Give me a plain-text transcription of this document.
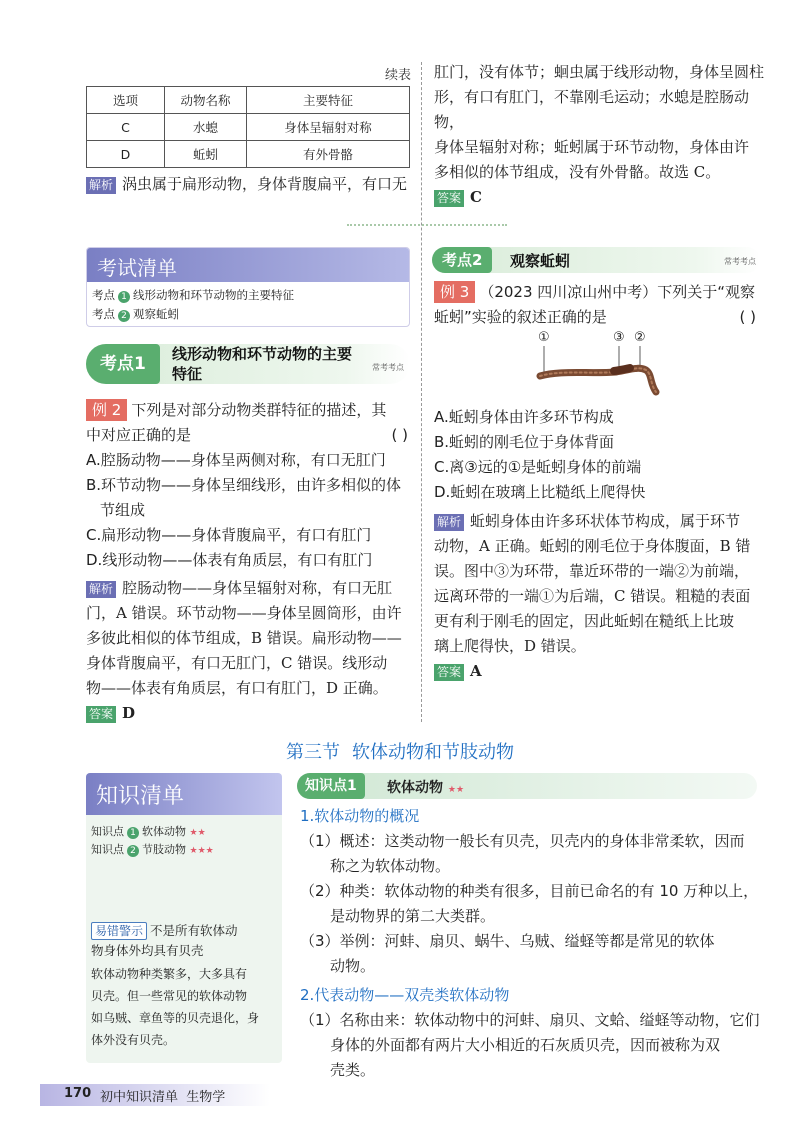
续表
选项	动物名称	主要特征
C	水螅	身体呈辐射对称
D	蚯蚓	有外骨骼
解析 涡虫属于扁形动物，身体背腹扁平，有口无
肛门，没有体节；蛔虫属于线形动物，身体呈圆柱
形，有口有肛门，不靠刚毛运动；水螅是腔肠动物，
身体呈辐射对称；蚯蚓属于环节动物，身体由许
多相似的体节组成，没有外骨骼。故选 C。
答案 C
考试清单
考点 1 线形动物和环节动物的主要特征
考点 2 观察蚯蚓
考点1	线形动物和环节动物的主要
特征	常考考点
例 2 下列是对部分动物类群特征的描述，其
中对应正确的是	( )
A.腔肠动物——身体呈两侧对称，有口无肛门
B.环节动物——身体呈细线形，由许多相似的体
节组成
C.扁形动物——身体背腹扁平，有口有肛门
D.线形动物——体表有角质层，有口有肛门
解析 腔肠动物——身体呈辐射对称，有口无肛
门，A 错误。环节动物——身体呈圆筒形，由许
多彼此相似的体节组成，B 错误。扁形动物——
身体背腹扁平，有口无肛门，C 错误。线形动
物——体表有角质层，有口有肛门，D 正确。
答案 D
考点2	观察蚯蚓	常考考点
例 3 （2023 四川凉山州中考）下列关于“观察
蚯蚓”实验的叙述正确的是	( )
①	③ ②
A.蚯蚓身体由许多环节构成
B.蚯蚓的刚毛位于身体背面
C.离③远的①是蚯蚓身体的前端
D.蚯蚓在玻璃上比糙纸上爬得快
解析 蚯蚓身体由许多环状体节构成，属于环节
动物，A 正确。蚯蚓的刚毛位于身体腹面，B 错
误。图中③为环带，靠近环带的一端②为前端，
远离环带的一端①为后端，C 错误。粗糙的表面
更有利于刚毛的固定，因此蚯蚓在糙纸上比玻
璃上爬得快，D 错误。
答案 A
第三节 软体动物和节肢动物
知识清单
知识点 1 软体动物 ★★
知识点 2 节肢动物 ★★★
易错警示 不是所有软体动
物身体外均具有贝壳
软体动物种类繁多，大多具有
贝壳。但一些常见的软体动物
如乌贼、章鱼等的贝壳退化，身
体外没有贝壳。
知识点1	软体动物 ★★
1.软体动物的概况
（1）概述：这类动物一般长有贝壳，贝壳内的身体非常柔软，因而
称之为软体动物。
（2）种类：软体动物的种类有很多，目前已命名的有 10 万种以上，
是动物界的第二大类群。
（3）举例：河蚌、扇贝、蜗牛、乌贼、缢蛏等都是常见的软体
动物。
2.代表动物——双壳类软体动物
（1）名称由来：软体动物中的河蚌、扇贝、文蛤、缢蛏等动物，它们
身体的外面都有两片大小相近的石灰质贝壳，因而被称为双
壳类。
170 初中知识清单 生物学
